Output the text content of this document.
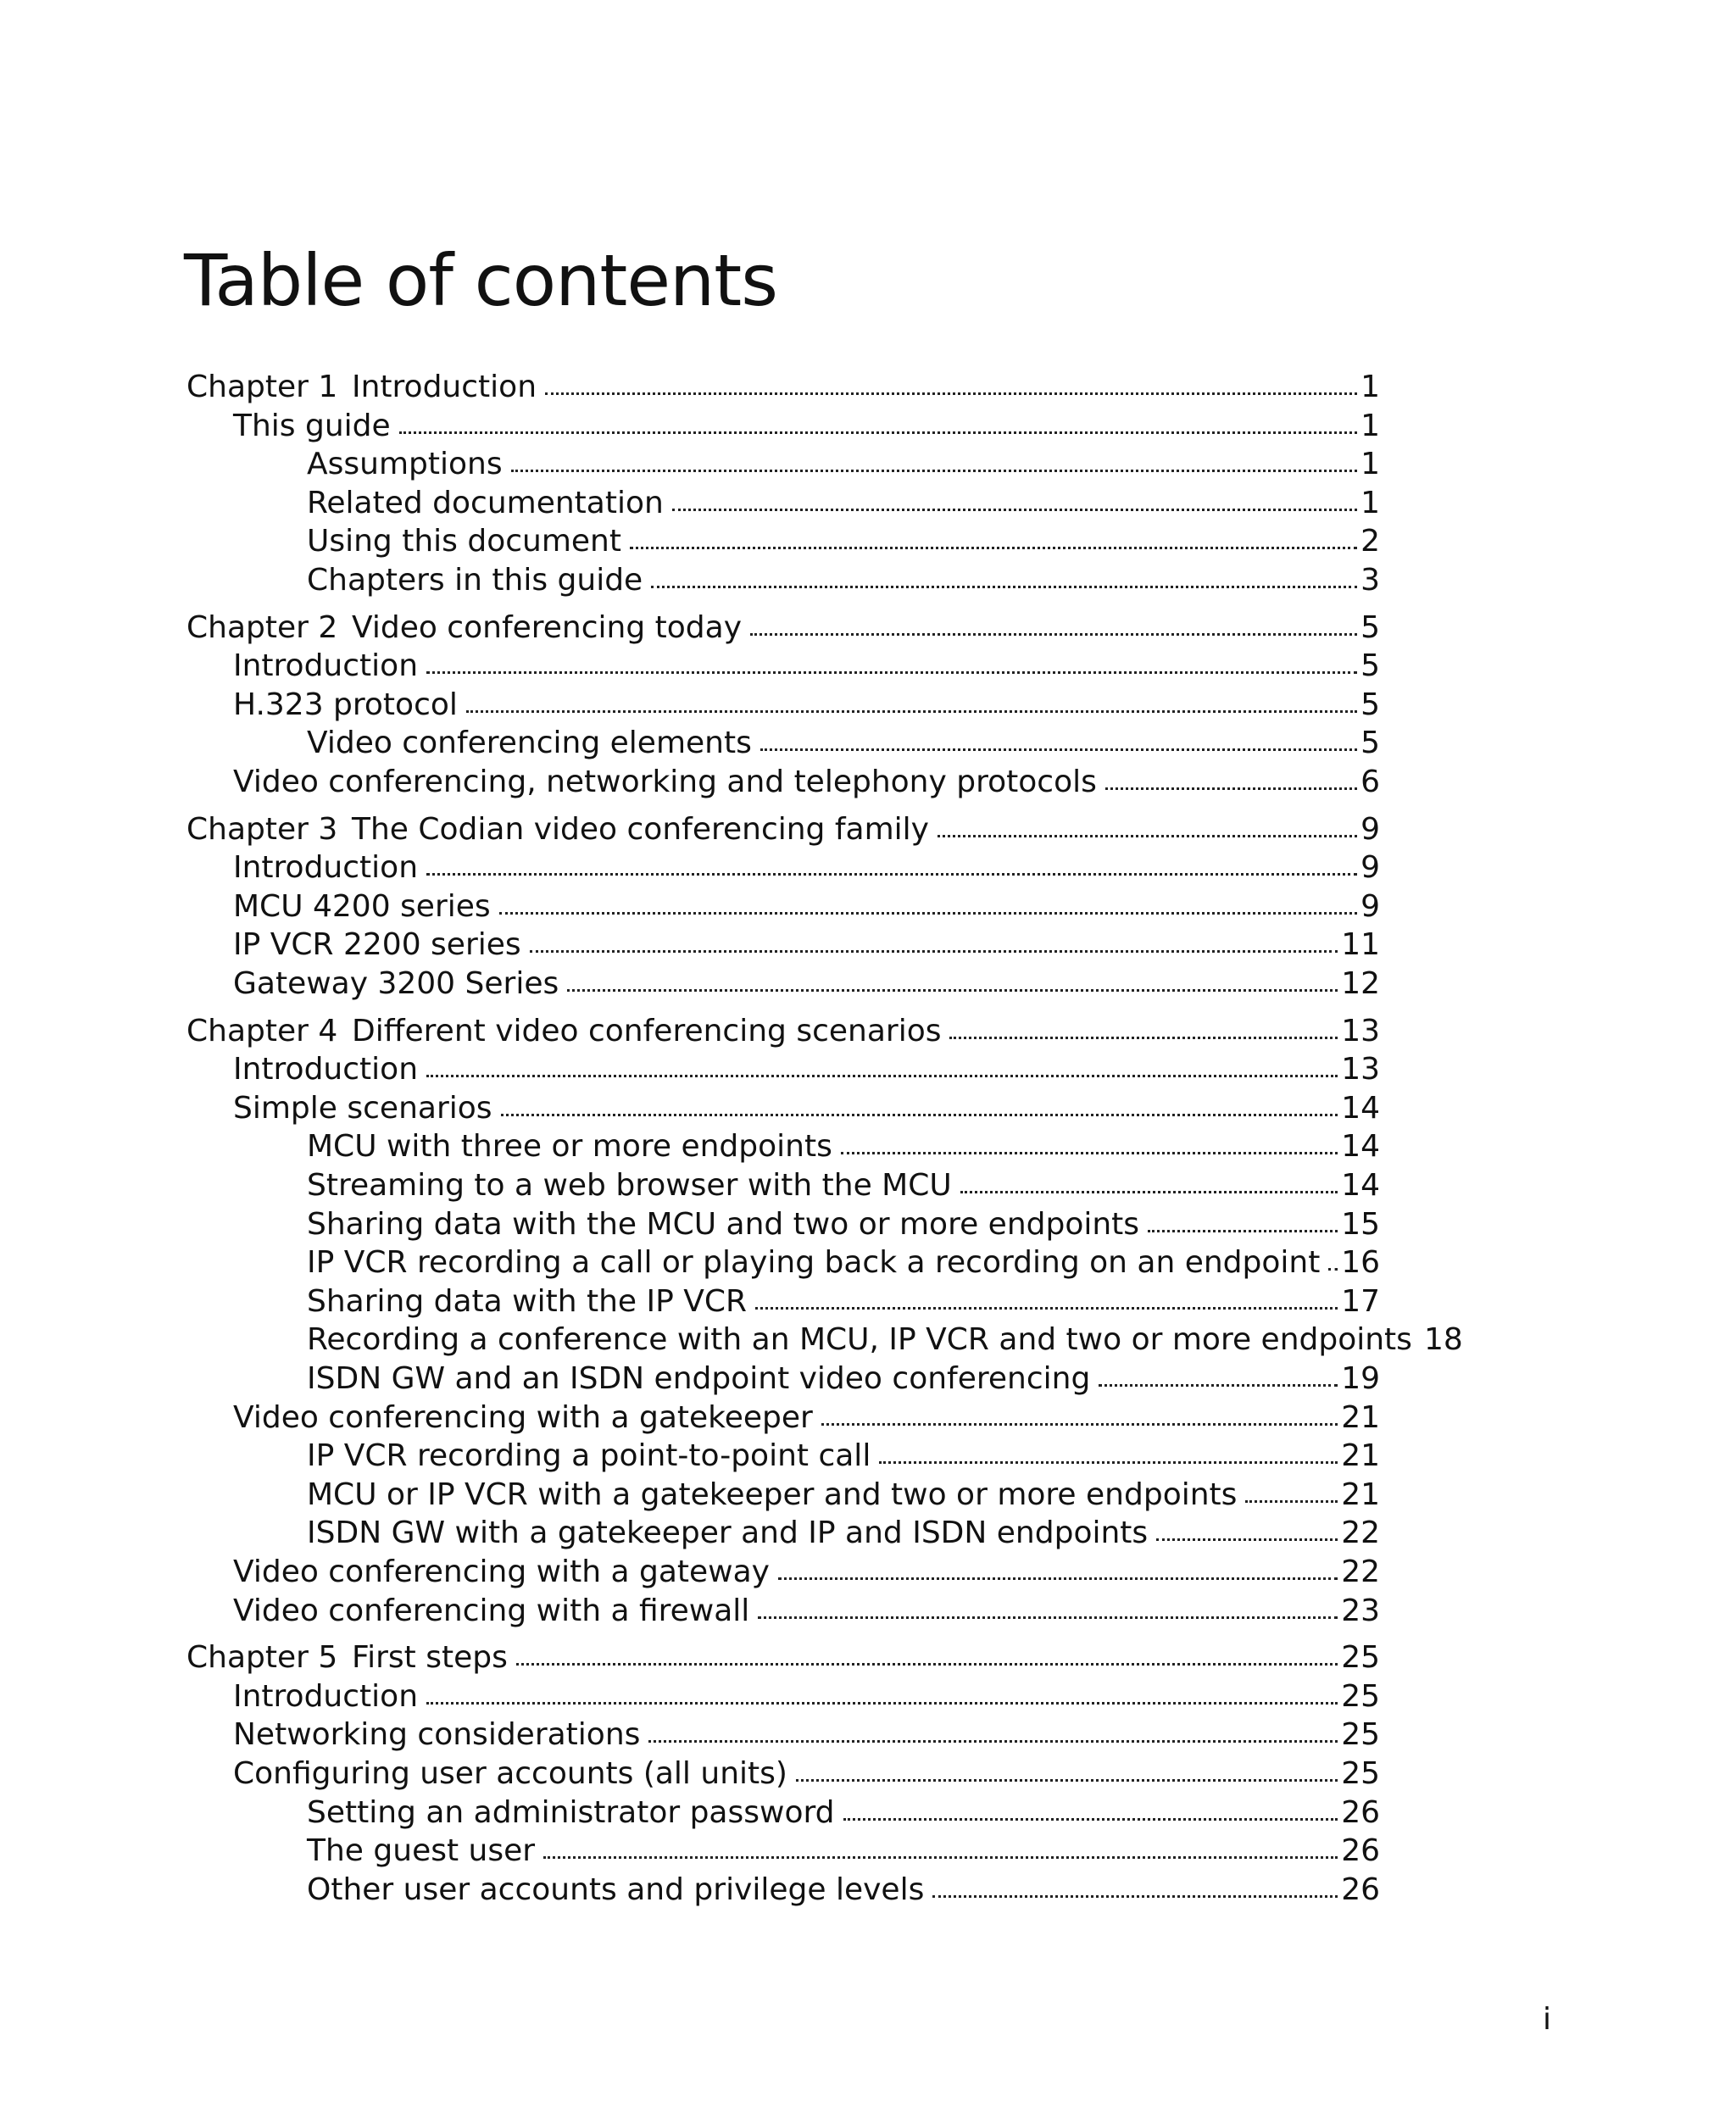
Table of contents
Chapter 1 Introduction	1
This guide	1
Assumptions	1
Related documentation	1
Using this document	2
Chapters in this guide	3
Chapter 2 Video conferencing today	5
Introduction	5
H.323 protocol	5
Video conferencing elements	5
Video conferencing, networking and telephony protocols	6
Chapter 3 The Codian video conferencing family	9
Introduction	9
MCU 4200 series	9
IP VCR 2200 series	11
Gateway 3200 Series	12
Chapter 4 Different video conferencing scenarios	13
Introduction	13
Simple scenarios	14
MCU with three or more endpoints	14
Streaming to a web browser with the MCU	14
Sharing data with the MCU and two or more endpoints	15
IP VCR recording a call or playing back a recording on an endpoint 16
Sharing data with the IP VCR	17
Recording a conference with an MCU, IP VCR and two or more endpoints 18
ISDN GW and an ISDN endpoint video conferencing	19
Video conferencing with a gatekeeper	21
IP VCR recording a point-to-point call	21
MCU or IP VCR with a gatekeeper and two or more endpoints	21
ISDN GW with a gatekeeper and IP and ISDN endpoints	22
Video conferencing with a gateway	22
Video conferencing with a firewall	23
Chapter 5 First steps	25
Introduction	25
Networking considerations	25
Configuring user accounts (all units)	25
Setting an administrator password	26
The guest user	26
Other user accounts and privilege levels	26
i
